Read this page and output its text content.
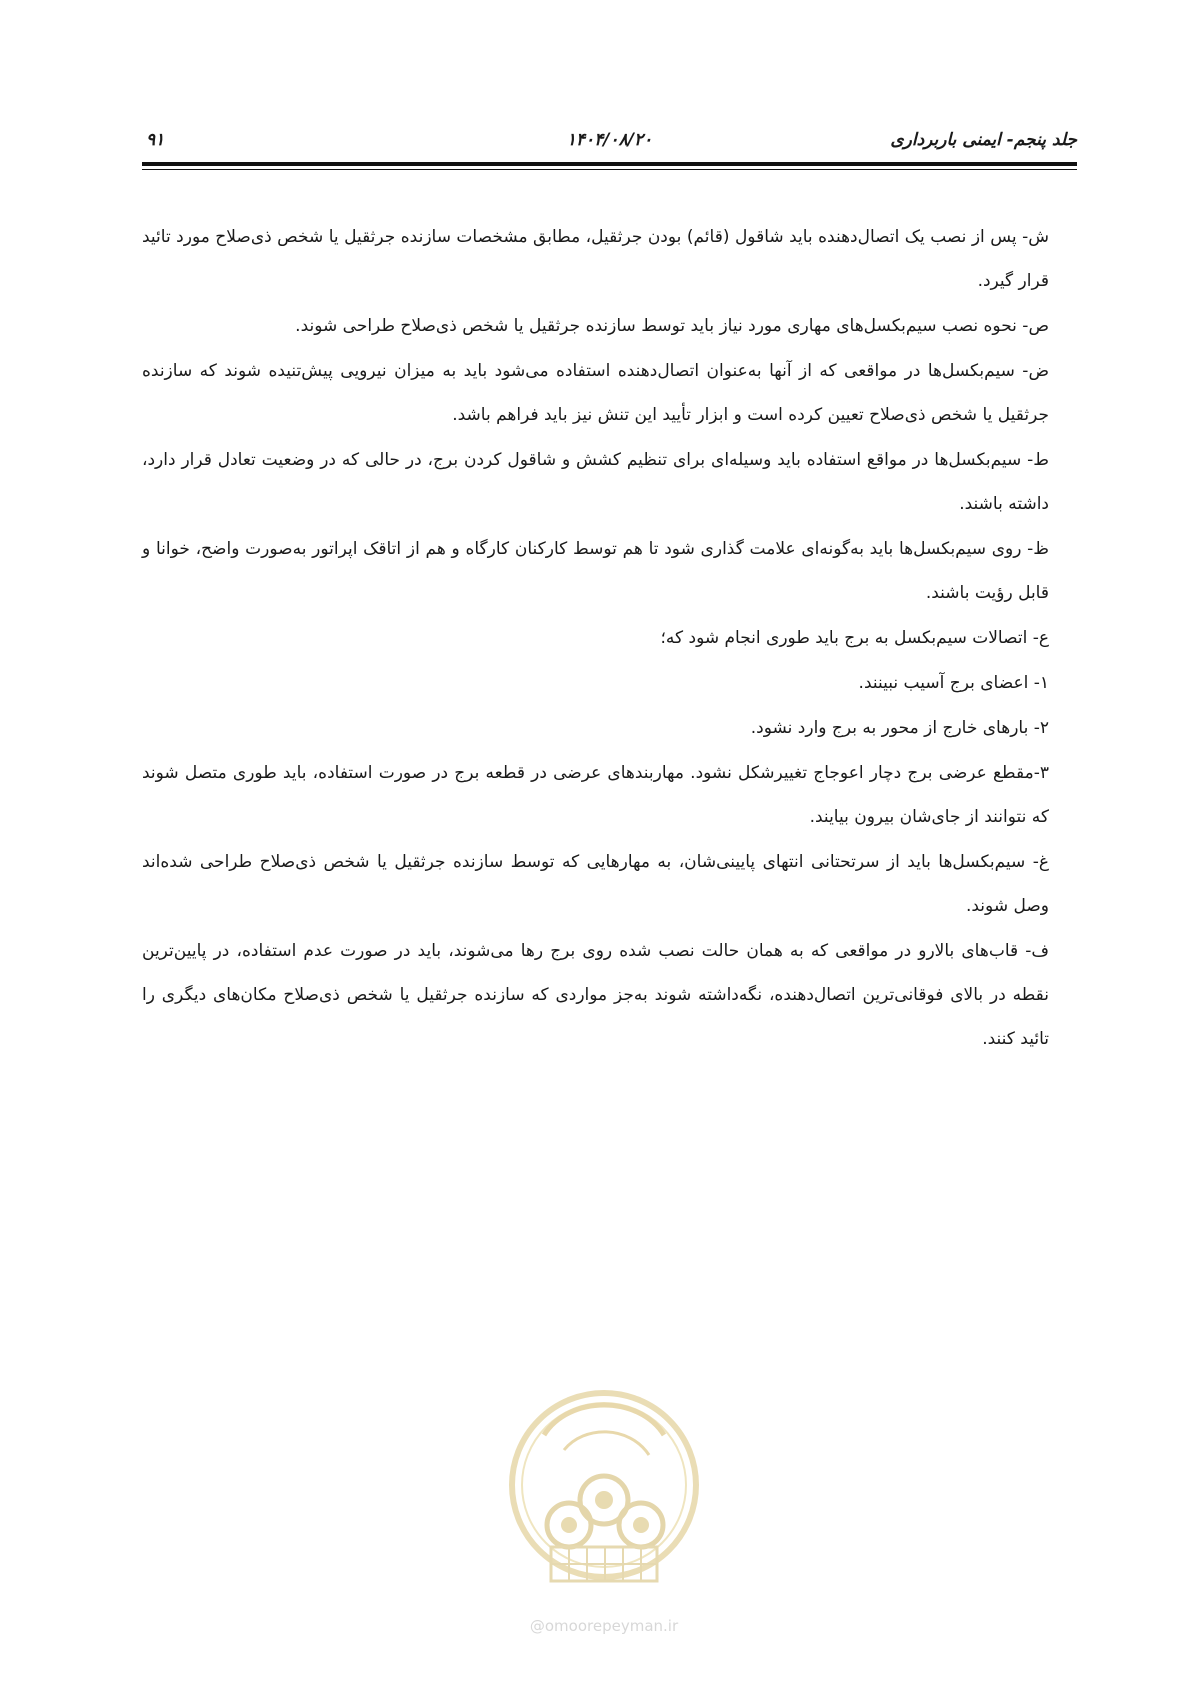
جلد پنجم- ایمنی باربرداری
۱۴۰۴/۰۸/۲۰
۹۱

ش- پس از نصب یک اتصال‌دهنده باید شاقول (قائم) بودن جرثقیل، مطابق مشخصات سازنده جرثقیل یا شخص ذی‌صلاح مورد تائید قرار گیرد.

ص- نحوه نصب سیم‌بکسل‌های مهاری مورد نیاز باید توسط سازنده جرثقیل یا شخص ذی‌صلاح طراحی شوند.

ض- سیم‌بکسل‌ها در مواقعی که از آنها به‌عنوان اتصال‌دهنده استفاده می‌شود باید به میزان نیرویی پیش‌تنیده شوند که سازنده جرثقیل یا شخص ذی‌صلاح تعیین کرده است و ابزار تأیید این تنش نیز باید فراهم باشد.

ط- سیم‌بکسل‌ها در مواقع استفاده باید وسیله‌ای برای تنظیم کشش و شاقول کردن برج، در حالی که در وضعیت تعادل قرار دارد، داشته باشند.

ظ- روی سیم‌بکسل‌ها باید به‌گونه‌ای علامت گذاری شود تا هم توسط کارکنان کارگاه و هم از اتاقک اپراتور به‌صورت واضح، خوانا و قابل رؤیت باشند.

ع- اتصالات سیم‌بکسل به برج باید طوری انجام شود که؛

۱- اعضای برج آسیب نبینند.

۲- بارهای خارج از محور به برج وارد نشود.

۳-مقطع عرضی برج دچار اعوجاج تغییرشکل نشود. مهاربندهای عرضی در قطعه برج در صورت استفاده، باید طوری متصل شوند که نتوانند از جای‌شان بیرون بیایند.

غ- سیم‌بکسل‌ها باید از سرتحتانی انتهای پایینی‌شان، به مهارهایی که توسط سازنده جرثقیل یا شخص ذی‌صلاح طراحی شده‌اند وصل شوند.

ف- قاب‌های بالارو در مواقعی که به همان حالت نصب شده روی برج رها می‌شوند، باید در صورت عدم استفاده، در پایین‌ترین نقطه در بالای فوقانی‌ترین اتصال‌دهنده، نگه‌داشته شوند به‌جز مواردی که سازنده جرثقیل یا شخص ذی‌صلاح مکان‌های دیگری را تائید کنند.

@omoorepeyman.ir
